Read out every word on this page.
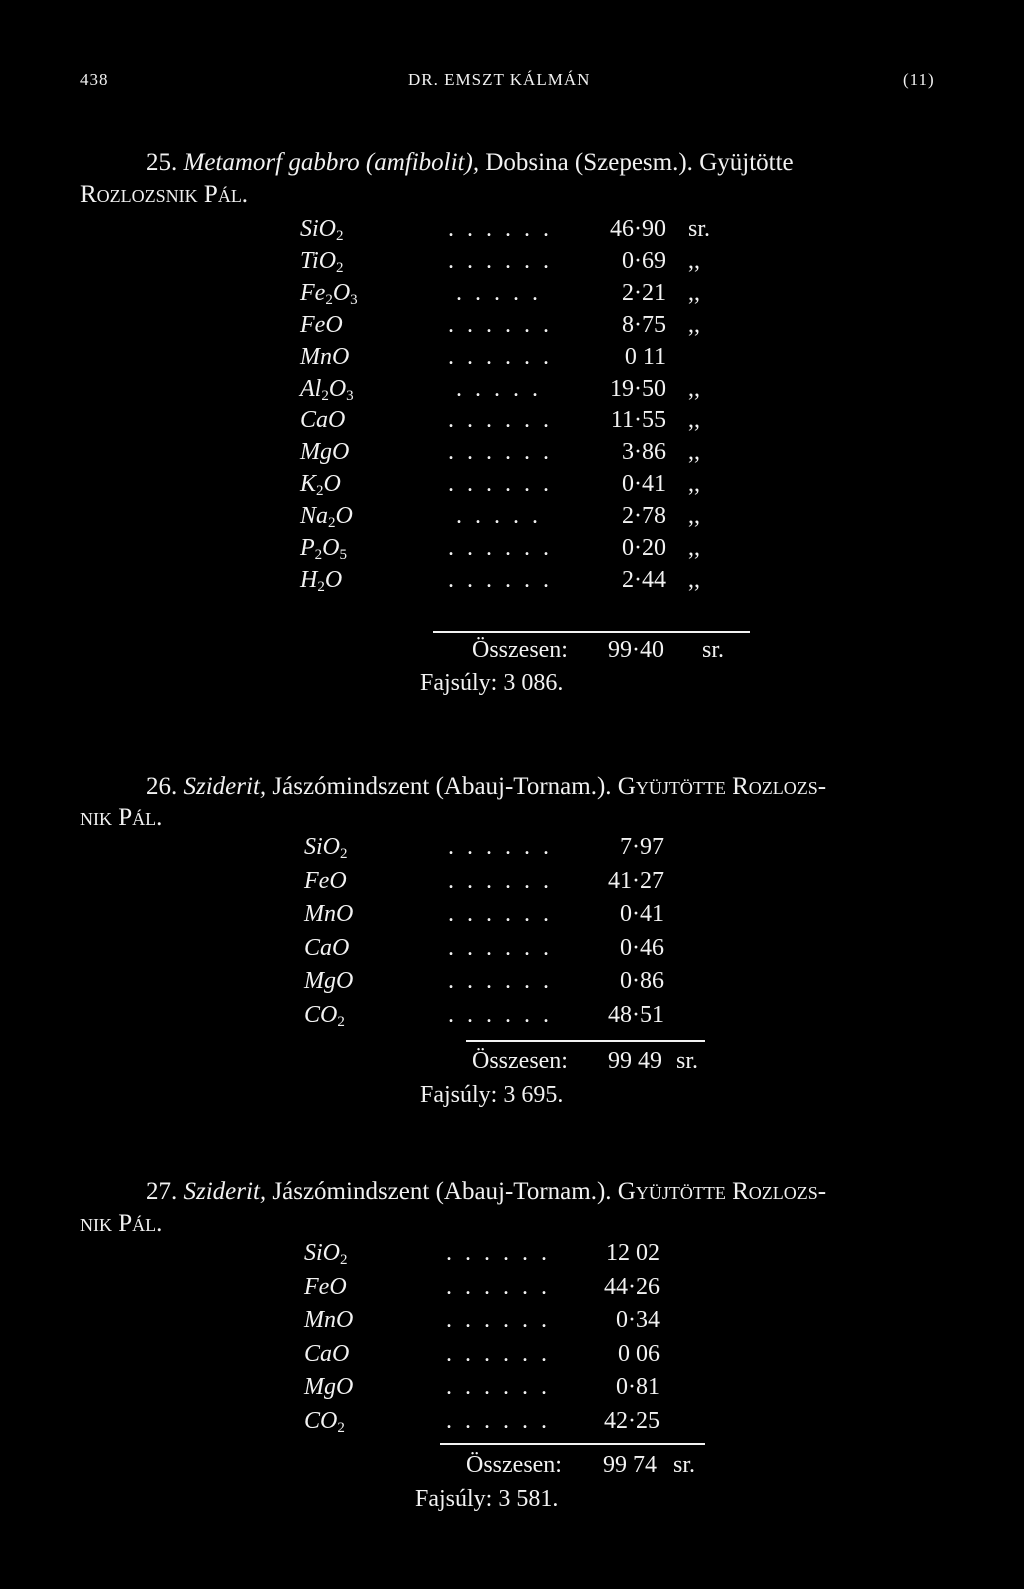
438	DR. EMSZT KÁLMÁN	(11)
25. Metamorf gabbro (amfibolit), Dobsina (Szepesm.). Gyüjtötte
Rozlozsnik Pál.
SiO$_2$	...... 46·90 sr.
TiO$_2$	......	0·69 ,,
$Fe_2O_3$	.....	2·21 ,,
FeO	......	8·75 ,,
MnO	......	0 11
$Al_2O_3$	..... 19·50 ,,
CaO	...... 11·55 ,,
MgO	......	3·86 ,,
$K_2O$	......	0·41 ,,
$Na_2O$	.....	2·78 ,,
$P_2O_5$	......	0·20 ,,
$H_2O$	......	2·44 ,,
Összesen: 99·40 sr.
Fajsúly: 3 086.
26. Sziderit, Jászómindszent (Abauj-Tornam.). Gyüjtötte Rozlozs-
nik Pál.
SiO$_2$	...... 7·97
FeO	...... 41·27
MnO	...... 0·41
CaO	...... 0·46
MgO	...... 0·86
$CO_2$	...... 48·51
Összesen: 99 49 sr.
Fajsúly: 3 695.
27. Sziderit, Jászómindszent (Abauj-Tornam.). Gyüjtötte Rozlozs-
nik Pál.
SiO$_2$	...... 12 02
FeO	...... 44·26
MnO	...... 0·34
CaO	...... 0 06
MgO	...... 0·81
$CO_2$	...... 42·25
Összesen: 99 74 sr.
Fajsúly: 3 581.
